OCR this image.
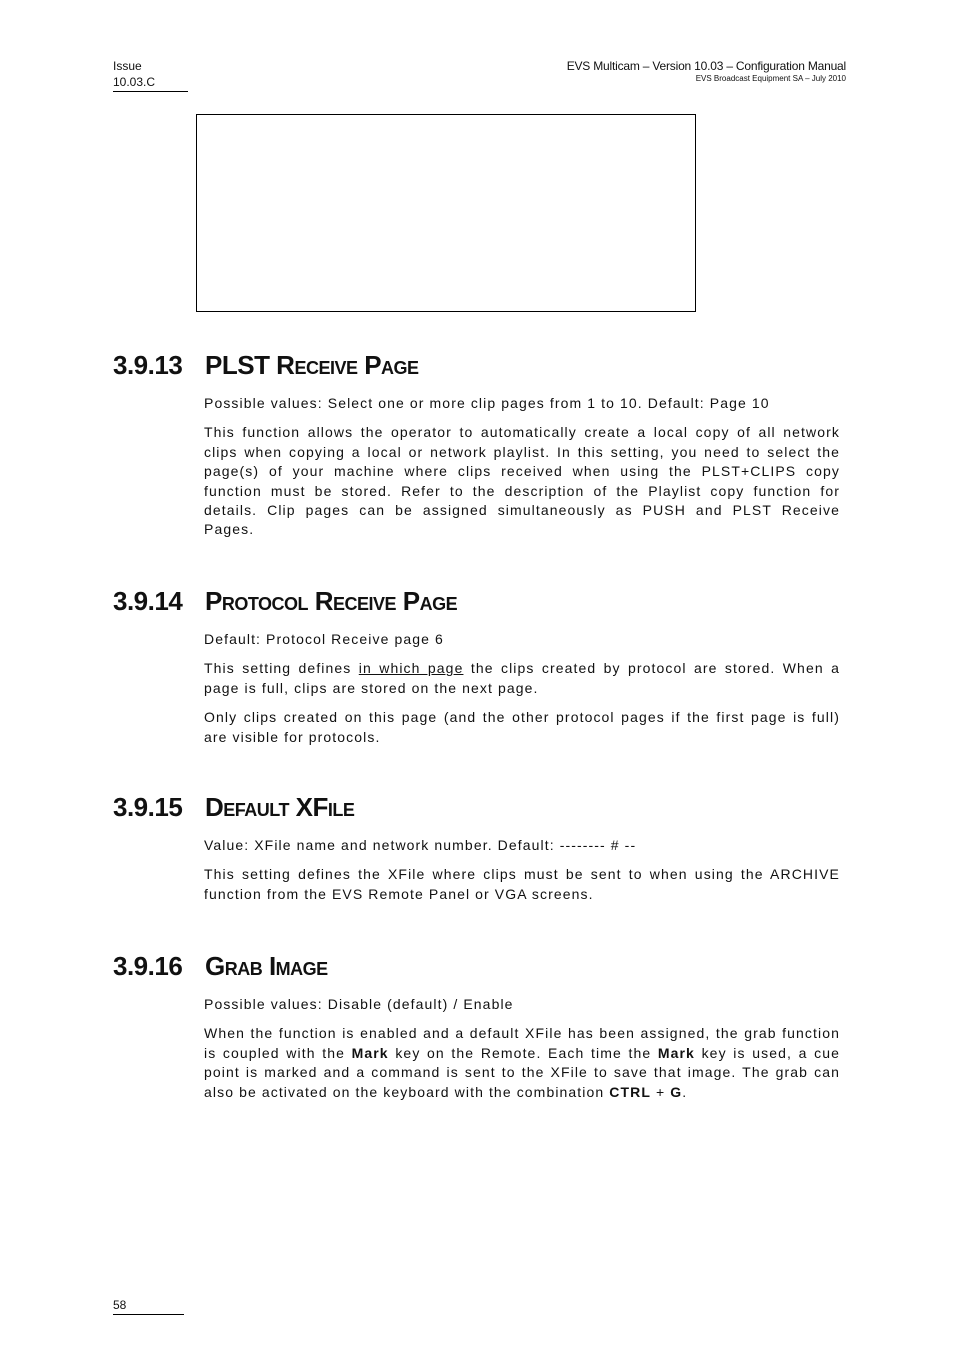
Issue
10.03.C
EVS Multicam – Version 10.03 – Configuration Manual
EVS Broadcast Equipment SA – July 2010
3.9.13 PLST Receive Page

Possible values: Select one or more clip pages from 1 to 10. Default: Page 10

This function allows the operator to automatically create a local copy of all network clips when copying a local or network playlist. In this setting, you need to select the page(s) of your machine where clips received when using the PLST+CLIPS copy function must be stored. Refer to the description of the Playlist copy function for details. Clip pages can be assigned simultaneously as PUSH and PLST Receive Pages.

3.9.14 Protocol Receive Page

Default: Protocol Receive page 6

This setting defines in which page the clips created by protocol are stored. When a page is full, clips are stored on the next page.

Only clips created on this page (and the other protocol pages if the first page is full) are visible for protocols.

3.9.15 Default XFile

Value: XFile name and network number. Default: -------- # --

This setting defines the XFile where clips must be sent to when using the ARCHIVE function from the EVS Remote Panel or VGA screens.

3.9.16 Grab Image

Possible values: Disable (default) / Enable

When the function is enabled and a default XFile has been assigned, the grab function is coupled with the Mark key on the Remote. Each time the Mark key is used, a cue point is marked and a command is sent to the XFile to save that image. The grab can also be activated on the keyboard with the combination CTRL + G.

58
